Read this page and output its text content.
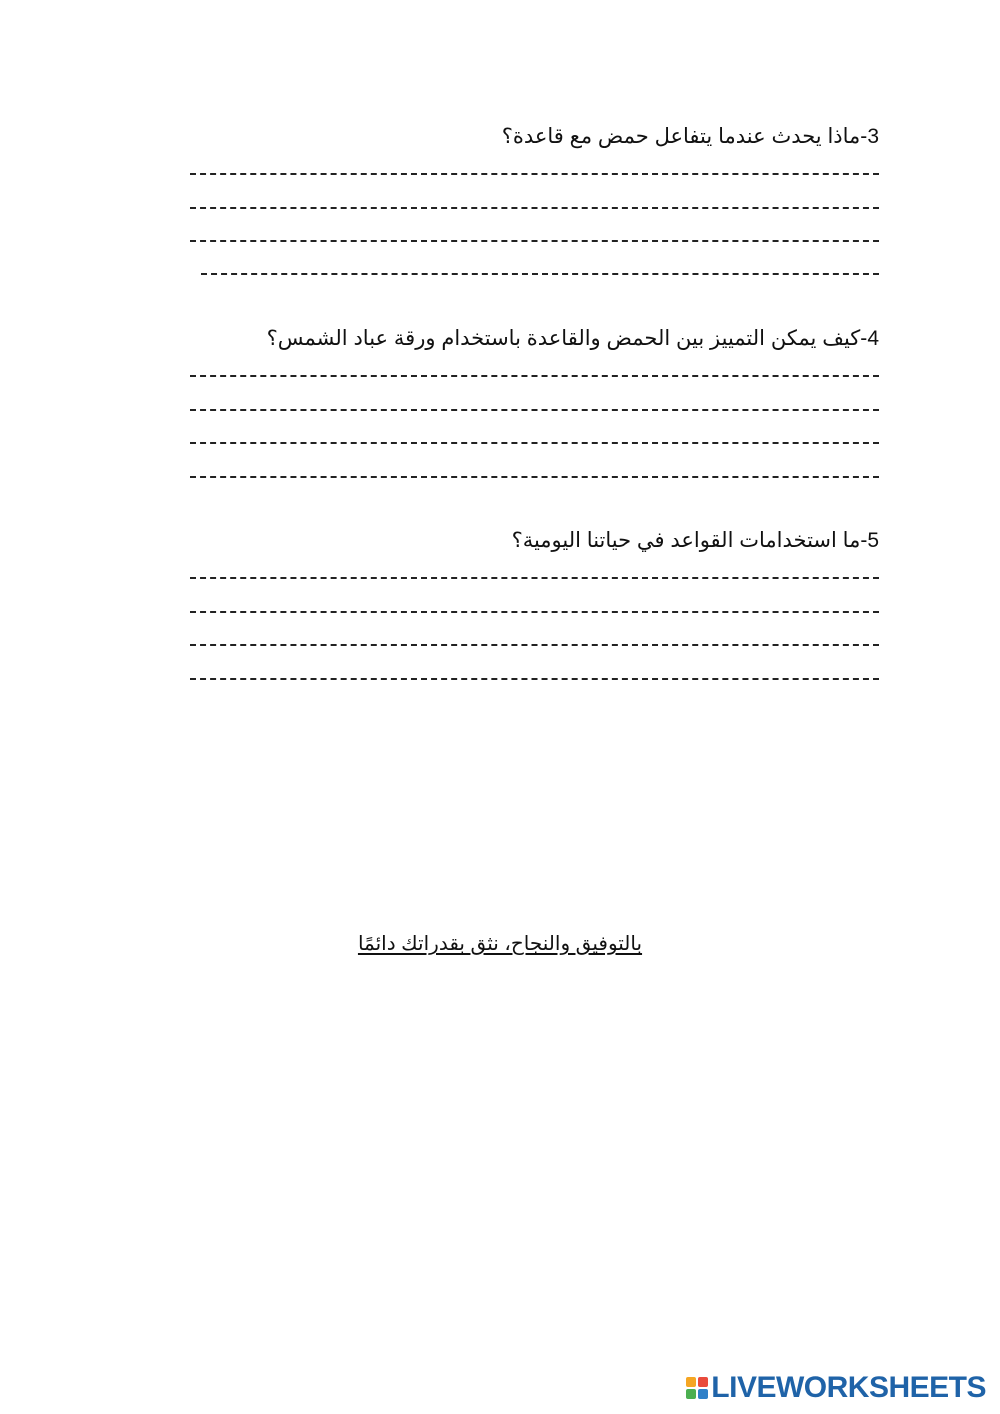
3-ماذا يحدث عندما يتفاعل حمض مع قاعدة؟
4-كيف يمكن التمييز بين الحمض والقاعدة باستخدام ورقة عباد الشمس؟
5-ما استخدامات القواعد في حياتنا اليومية؟
بالتوفيق والنجاح، نثق بقدراتك دائمًا
LIVEWORKSHEETS
